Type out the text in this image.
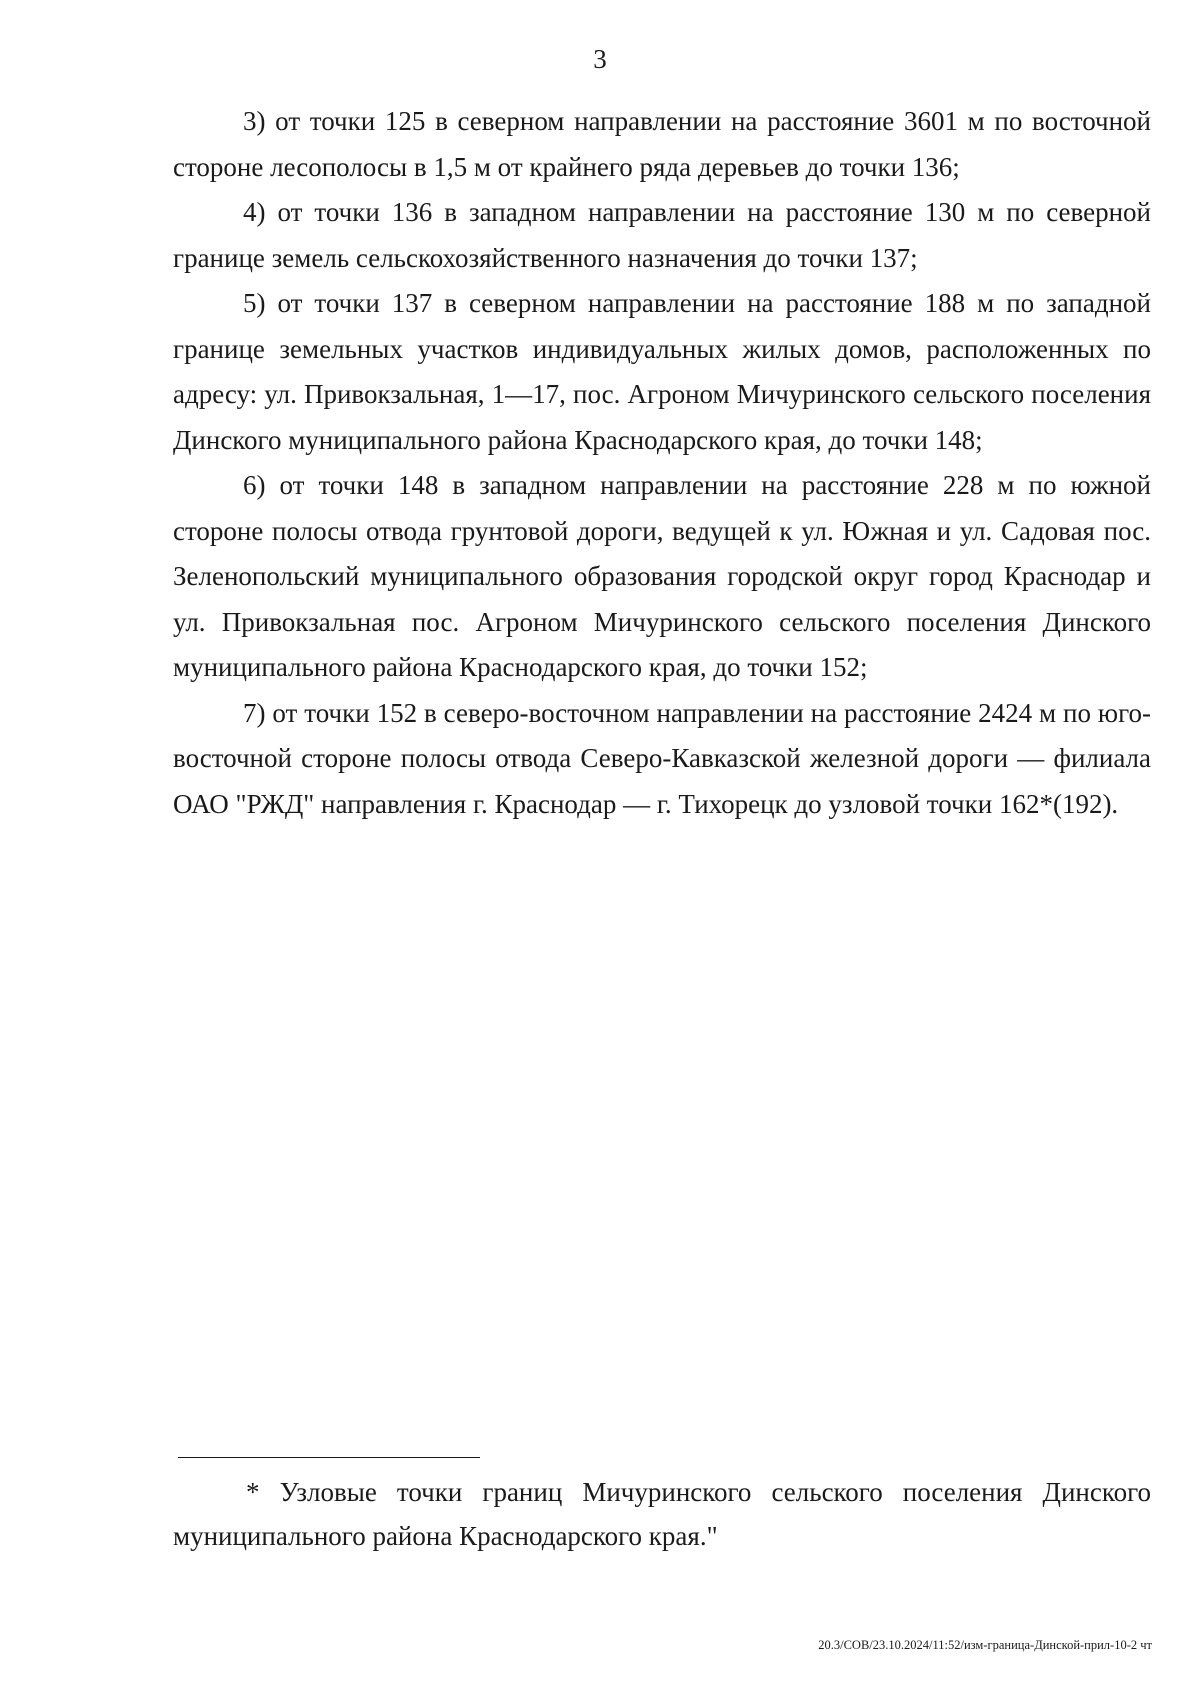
3

3) от точки 125 в северном направлении на расстояние 3601 м по восточной стороне лесополосы в 1,5 м от крайнего ряда деревьев до точки 136;

4) от точки 136 в западном направлении на расстояние 130 м по северной границе земель сельскохозяйственного назначения до точки 137;

5) от точки 137 в северном направлении на расстояние 188 м по западной границе земельных участков индивидуальных жилых домов, расположенных по адресу: ул. Привокзальная, 1—17, пос. Агроном Мичуринского сельского поселения Динского муниципального района Краснодарского края, до точки 148;

6) от точки 148 в западном направлении на расстояние 228 м по южной стороне полосы отвода грунтовой дороги, ведущей к ул. Южная и ул. Садовая пос. Зеленопольский муниципального образования городской округ город Краснодар и ул. Привокзальная пос. Агроном Мичуринского сельского поселения Динского муниципального района Краснодарского края, до точки 152;

7) от точки 152 в северо-восточном направлении на расстояние 2424 м по юго-восточной стороне полосы отвода Северо-Кавказской железной дороги — филиала ОАО "РЖД" направления г. Краснодар — г. Тихорецк до узловой точки 162*(192).

* Узловые точки границ Мичуринского сельского поселения Динского муниципального района Краснодарского края."

20.3/СОВ/23.10.2024/11:52/изм-граница-Динской-прил-10-2 чт
